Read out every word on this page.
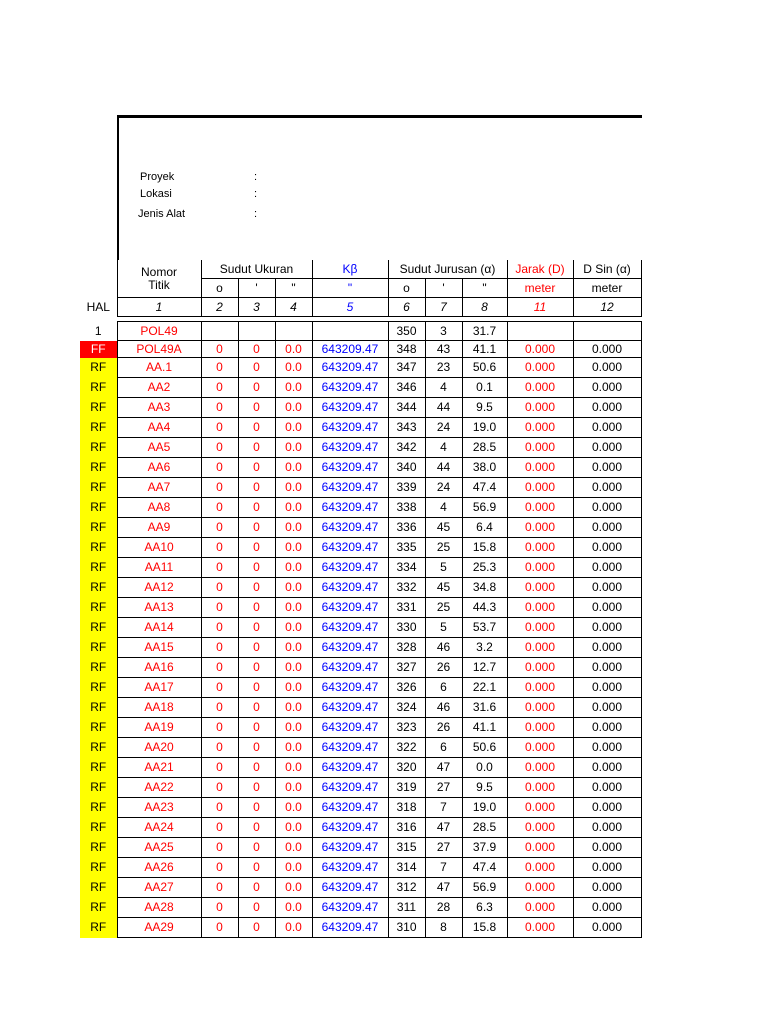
Proyek	:
Lokasi	:
Jenis Alat	:
	Nomor	Sudut Ukuran			Kβ	Sudut Jurusan (α)			Jarak (D)	D Sin (α)
	Titik	o	'	"	"	o	'	"	meter	meter
HAL	1	2	3	4	5	6	7	8	11	12
1	POL49					350	3	31.7		
FF	POL49A	0	0	0.0	643209.47	348	43	41.1	0.000	0.000
RF	AA.1	0	0	0.0	643209.47	347	23	50.6	0.000	0.000
RF	AA2	0	0	0.0	643209.47	346	4	0.1	0.000	0.000
RF	AA3	0	0	0.0	643209.47	344	44	9.5	0.000	0.000
RF	AA4	0	0	0.0	643209.47	343	24	19.0	0.000	0.000
RF	AA5	0	0	0.0	643209.47	342	4	28.5	0.000	0.000
RF	AA6	0	0	0.0	643209.47	340	44	38.0	0.000	0.000
RF	AA7	0	0	0.0	643209.47	339	24	47.4	0.000	0.000
RF	AA8	0	0	0.0	643209.47	338	4	56.9	0.000	0.000
RF	AA9	0	0	0.0	643209.47	336	45	6.4	0.000	0.000
RF	AA10	0	0	0.0	643209.47	335	25	15.8	0.000	0.000
RF	AA11	0	0	0.0	643209.47	334	5	25.3	0.000	0.000
RF	AA12	0	0	0.0	643209.47	332	45	34.8	0.000	0.000
RF	AA13	0	0	0.0	643209.47	331	25	44.3	0.000	0.000
RF	AA14	0	0	0.0	643209.47	330	5	53.7	0.000	0.000
RF	AA15	0	0	0.0	643209.47	328	46	3.2	0.000	0.000
RF	AA16	0	0	0.0	643209.47	327	26	12.7	0.000	0.000
RF	AA17	0	0	0.0	643209.47	326	6	22.1	0.000	0.000
RF	AA18	0	0	0.0	643209.47	324	46	31.6	0.000	0.000
RF	AA19	0	0	0.0	643209.47	323	26	41.1	0.000	0.000
RF	AA20	0	0	0.0	643209.47	322	6	50.6	0.000	0.000
RF	AA21	0	0	0.0	643209.47	320	47	0.0	0.000	0.000
RF	AA22	0	0	0.0	643209.47	319	27	9.5	0.000	0.000
RF	AA23	0	0	0.0	643209.47	318	7	19.0	0.000	0.000
RF	AA24	0	0	0.0	643209.47	316	47	28.5	0.000	0.000
RF	AA25	0	0	0.0	643209.47	315	27	37.9	0.000	0.000
RF	AA26	0	0	0.0	643209.47	314	7	47.4	0.000	0.000
RF	AA27	0	0	0.0	643209.47	312	47	56.9	0.000	0.000
RF	AA28	0	0	0.0	643209.47	311	28	6.3	0.000	0.000
RF	AA29	0	0	0.0	643209.47	310	8	15.8	0.000	0.000
